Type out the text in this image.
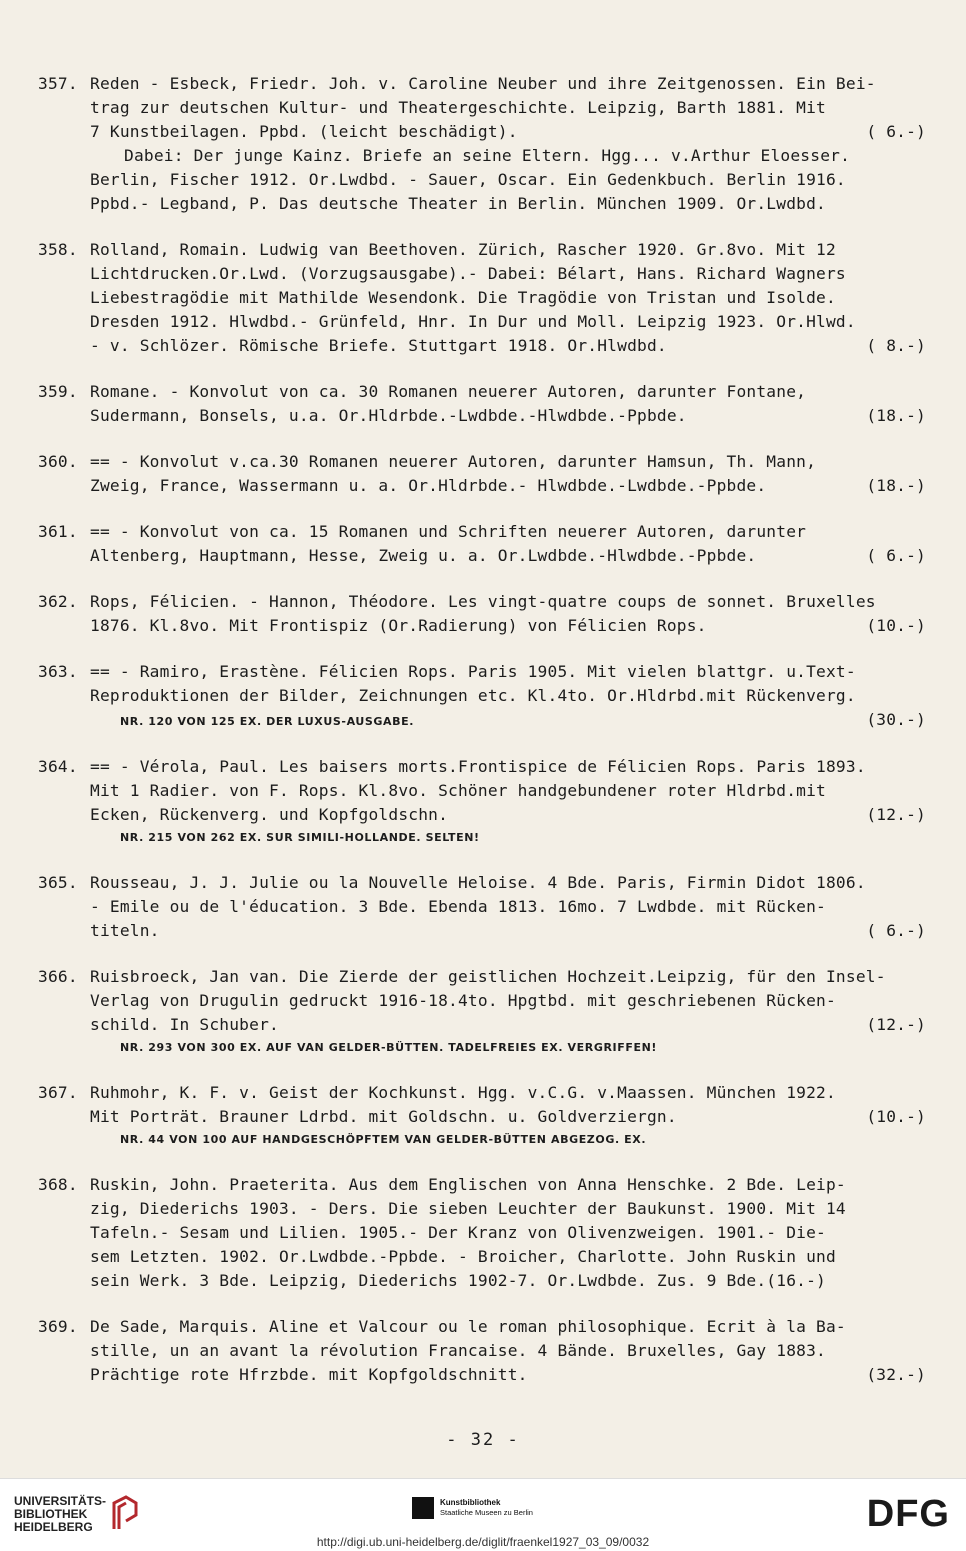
357. Reden - Esbeck, Friedr. Joh. v. Caroline Neuber und ihre Zeitgenossen. Ein Bei-
trag zur deutschen Kultur- und Theatergeschichte. Leipzig, Barth 1881. Mit
7 Kunstbeilagen. Ppbd. (leicht beschädigt).	( 6.-)
Dabei: Der junge Kainz. Briefe an seine Eltern. Hgg... v.Arthur Eloesser.
Berlin, Fischer 1912. Or.Lwdbd. - Sauer, Oscar. Ein Gedenkbuch. Berlin 1916.
Ppbd.- Legband, P. Das deutsche Theater in Berlin. München 1909. Or.Lwdbd.
358. Rolland, Romain. Ludwig van Beethoven. Zürich, Rascher 1920. Gr.8vo. Mit 12
Lichtdrucken.Or.Lwd. (Vorzugsausgabe).- Dabei: Bélart, Hans. Richard Wagners
Liebestragödie mit Mathilde Wesendonk. Die Tragödie von Tristan und Isolde.
Dresden 1912. Hlwdbd.- Grünfeld, Hnr. In Dur und Moll. Leipzig 1923. Or.Hlwd.
- v. Schlözer. Römische Briefe. Stuttgart 1918. Or.Hlwdbd.	( 8.-)
359. Romane. - Konvolut von ca. 30 Romanen neuerer Autoren, darunter Fontane,
Sudermann, Bonsels, u.a. Or.Hldrbde.-Lwdbde.-Hlwdbde.-Ppbde.	(18.-)
360. == - Konvolut v.ca.30 Romanen neuerer Autoren, darunter Hamsun, Th. Mann,
Zweig, France, Wassermann u. a. Or.Hldrbde.- Hlwdbde.-Lwdbde.-Ppbde.	(18.-)
361. == - Konvolut von ca. 15 Romanen und Schriften neuerer Autoren, darunter
Altenberg, Hauptmann, Hesse, Zweig u. a. Or.Lwdbde.-Hlwdbde.-Ppbde.	( 6.-)
362. Rops, Félicien. - Hannon, Théodore. Les vingt-quatre coups de sonnet. Bruxelles
1876. Kl.8vo. Mit Frontispiz (Or.Radierung) von Félicien Rops.	(10.-)
363. == - Ramiro, Erastène. Félicien Rops. Paris 1905. Mit vielen blattgr. u.Text-
Reproduktionen der Bilder, Zeichnungen etc. Kl.4to. Or.Hldrbd.mit Rückenverg.
NR. 120 VON 125 EX. DER LUXUS-AUSGABE.	(30.-)
364. == - Vérola, Paul. Les baisers morts.Frontispice de Félicien Rops. Paris 1893.
Mit 1 Radier. von F. Rops. Kl.8vo. Schöner handgebundener roter Hldrbd.mit
Ecken, Rückenverg. und Kopfgoldschn.	(12.-)
NR. 215 VON 262 EX. SUR SIMILI-HOLLANDE. SELTEN!
365. Rousseau, J. J. Julie ou la Nouvelle Heloise. 4 Bde. Paris, Firmin Didot 1806.
- Emile ou de l'éducation. 3 Bde. Ebenda 1813. 16mo. 7 Lwdbde. mit Rücken-
titeln.	( 6.-)
366. Ruisbroeck, Jan van. Die Zierde der geistlichen Hochzeit.Leipzig, für den Insel-
Verlag von Drugulin gedruckt 1916-18.4to. Hpgtbd. mit geschriebenen Rücken-
schild. In Schuber.	(12.-)
NR. 293 VON 300 EX. AUF VAN GELDER-BÜTTEN. TADELFREIES EX. VERGRIFFEN!
367. Ruhmohr, K. F. v. Geist der Kochkunst. Hgg. v.C.G. v.Maassen. München 1922.
Mit Porträt. Brauner Ldrbd. mit Goldschn. u. Goldverziergn.	(10.-)
NR. 44 VON 100 AUF HANDGESCHÖPFTEM VAN GELDER-BÜTTEN ABGEZOG. EX.
368. Ruskin, John. Praeterita. Aus dem Englischen von Anna Henschke. 2 Bde. Leip-
zig, Diederichs 1903. - Ders. Die sieben Leuchter der Baukunst. 1900. Mit 14
Tafeln.- Sesam und Lilien. 1905.- Der Kranz von Olivenzweigen. 1901.- Die-
sem Letzten. 1902. Or.Lwdbde.-Ppbde. - Broicher, Charlotte. John Ruskin und
sein Werk. 3 Bde. Leipzig, Diederichs 1902-7. Or.Lwdbde. Zus. 9 Bde.(16.-)
369. De Sade, Marquis. Aline et Valcour ou le roman philosophique. Ecrit à la Ba-
stille, un an avant la révolution Francaise. 4 Bände. Bruxelles, Gay 1883.
Prächtige rote Hfrzbde. mit Kopfgoldschnitt.	(32.-)
- 32 -
UNIVERSITÄTS-
BIBLIOTHEK
HEIDELBERG
Kunstbibliothek
Staatliche Museen zu Berlin	DFG
http://digi.ub.uni-heidelberg.de/diglit/fraenkel1927_03_09/0032
